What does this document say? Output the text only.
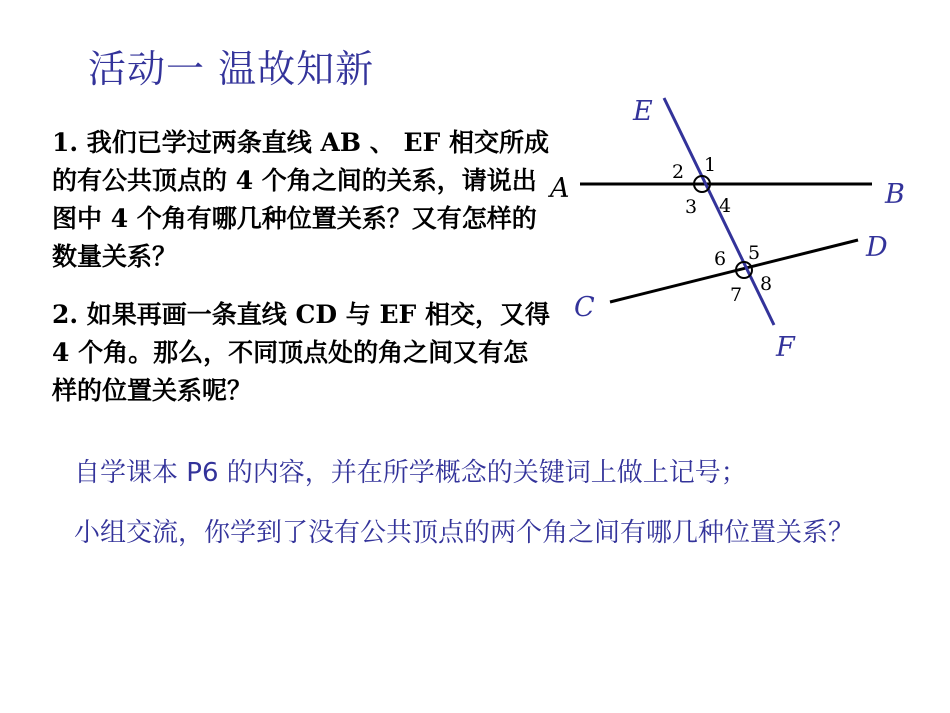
活动一 温故知新
1. 我们已学过两条直线 AB 、 EF 相交所成的有公共顶点的 4 个角之间的关系，请说出图中 4 个角有哪几种位置关系？又有怎样的数量关系？
2. 如果再画一条直线 CD 与 EF 相交，又得 4 个角。那么，不同顶点处的角之间又有怎样的位置关系呢？
自学课本 P6 的内容，并在所学概念的关键词上做上记号；
小组交流，你学到了没有公共顶点的两个角之间有哪几种位置关系？
E
A	B
D
C
F
1
2
3 4
5
6
7 8
